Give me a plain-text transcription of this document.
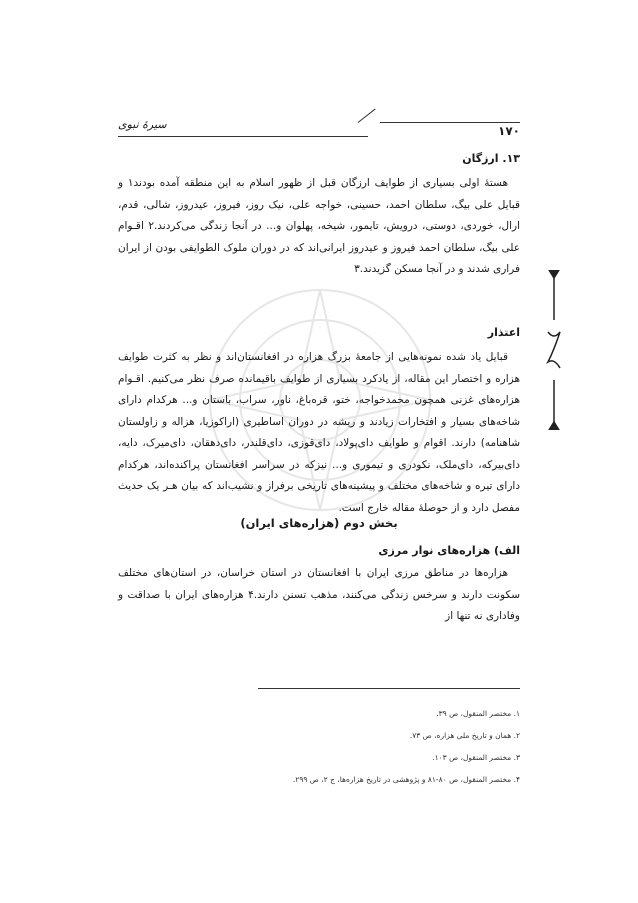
سیرۀ نبوی	۱۷۰
۱۳. ارزگان

هستۀ اولی بسیاری از طوایف ارزگان قبل از ظهور اسلام به این منطقه آمده بودند۱ و قبایل علی بیگ، سلطان احمد، حسینی، خواجه علی، نیک روز، فیروز، عیدروز، شالی، قدم، ارال، خوردی، دوستی، درویش، تایمور، شیخه، پهلوان و... در آنجا زندگی می‌کردند.۲ اقـوام علی بیگ، سلطان احمد فیروز و عیدروز ایرانی‌اند که در دوران ملوک الطوایفی بودن از ایران فراری شدند و در آنجا مسکن گزیدند.۳

اعتذار

قبایل یاد شده نمونه‌هایی از جامعۀ بزرگ هزاره در افغانستان‌اند و نظر به کثرت طوایف هزاره و اختصار این مقاله، از یادکرد بسیاری از طوایف باقیمانده صرف نظر می‌کنیم. اقـوام هزاره‌های غزنی همچون محمدخواجه، ختو، قره‌باغ، ناور، سراب، باستان و... هرکدام دارای شاخه‌های بسیار و افتخارات زیادند و ریشه در دوران اساطیری (اراکوزیا، هزاله و زاولستان شاهنامه) دارند. اقوام و طوایف دای‌پولاد، دای‌قوزی، دای‌قلندر، دای‌دهقان، دای‌میرک، دایه، دای‌بیرکه، دای‌ملک، نکودری و تیموری و... نیزکه در سراسر افغانستان پراکنده‌اند، هرکدام دارای تیره و شاخه‌های مختلف و پیشینه‌های تاریخی برفراز و نشیب‌اند که بیان هـر یک حدیث مفصل دارد و از حوصلۀ مقاله خارج است.

بخش دوم (هزاره‌های ایران)
الف) هزاره‌های نوار مرزی

هزاره‌ها در مناطق مرزی ایران با افغانستان در استان خراسان، در استان‌های مختلف سکونت دارند و سرخس زندگی می‌کنند، مذهب تسنن دارند.۴ هزاره‌های ایران با صداقت و وفاداری نه تنها از

۱. مختصر المنقول، ص ۳۹.
۲. همان و تاریخ ملی هزاره، ص ۷۳.
۳. مختصر المنقول، ص ۱۰۳.
۴. مختصر المنقول، ص ۸۰-۸۱ و پژوهشی در تاریخ هزاره‌ها، ج ۲، ص ۲۹۹.
